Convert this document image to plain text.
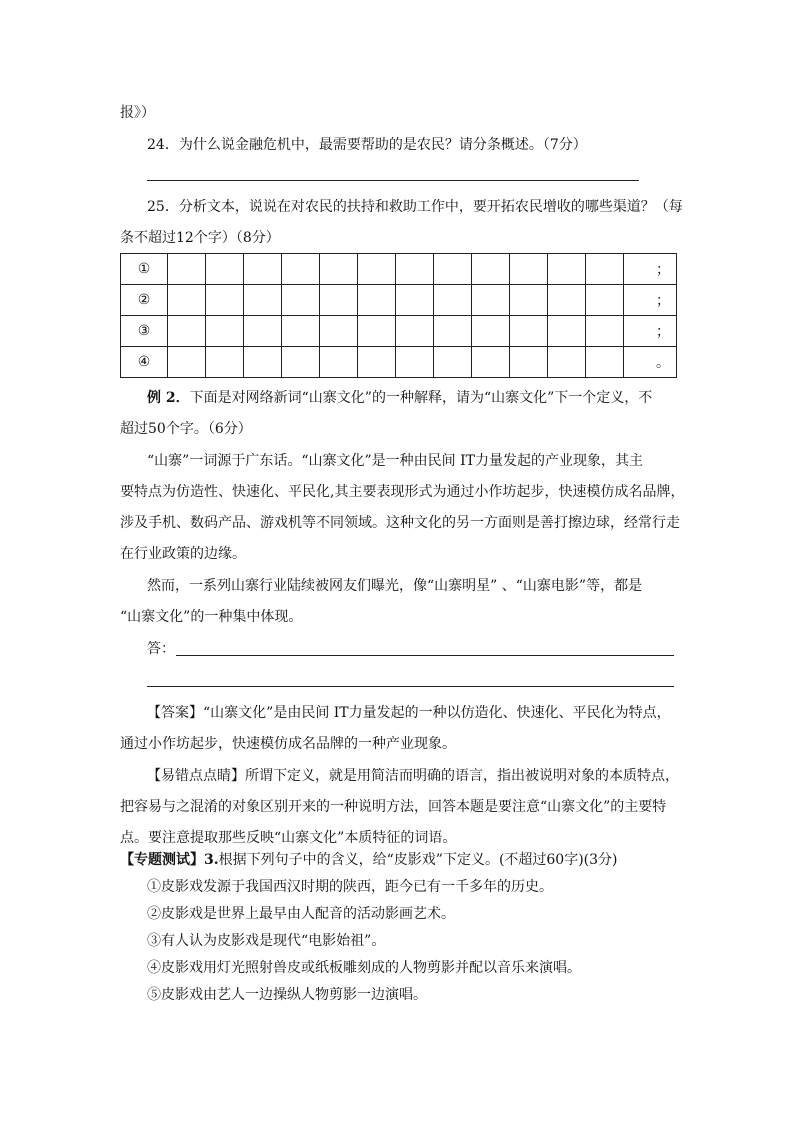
报》）
24．为什么说金融危机中，最需要帮助的是农民？请分条概述。（7分）
25．分析文本，说说在对农民的扶持和救助工作中，要开拓农民增收的哪些渠道？（每
条不超过12个字）（8分）
①													；
②													；
③													；
④													。
例 2．下面是对网络新词“山寨文化”的一种解释，请为“山寨文化”下一个定义，不
超过50个字。（6分）
“山寨”一词源于广东话。“山寨文化”是一种由民间 IT力量发起的产业现象，其主
要特点为仿造性、快速化、平民化,其主要表现形式为通过小作坊起步，快速模仿成名品牌，
涉及手机、数码产品、游戏机等不同领域。这种文化的另一方面则是善打擦边球，经常行走
在行业政策的边缘。
然而，一系列山寨行业陆续被网友们曝光，像“山寨明星” 、“山寨电影”等，都是
“山寨文化”的一种集中体现。
答：
【答案】“山寨文化”是由民间 IT力量发起的一种以仿造化、快速化、平民化为特点，
通过小作坊起步，快速模仿成名品牌的一种产业现象。
【易错点点睛】所谓下定义，就是用简洁而明确的语言，指出被说明对象的本质特点，
把容易与之混淆的对象区别开来的一种说明方法，回答本题是要注意“山寨文化”的主要特
点。要注意提取那些反映“山寨文化”本质特征的词语。
【专题测试】3.根据下列句子中的含义，给“皮影戏”下定义。(不超过60字)(3分)
①皮影戏发源于我国西汉时期的陕西，距今已有一千多年的历史。
②皮影戏是世界上最早由人配音的活动影画艺术。
③有人认为皮影戏是现代“电影始祖”。
④皮影戏用灯光照射兽皮或纸板雕刻成的人物剪影并配以音乐来演唱。
⑤皮影戏由艺人一边操纵人物剪影一边演唱。
